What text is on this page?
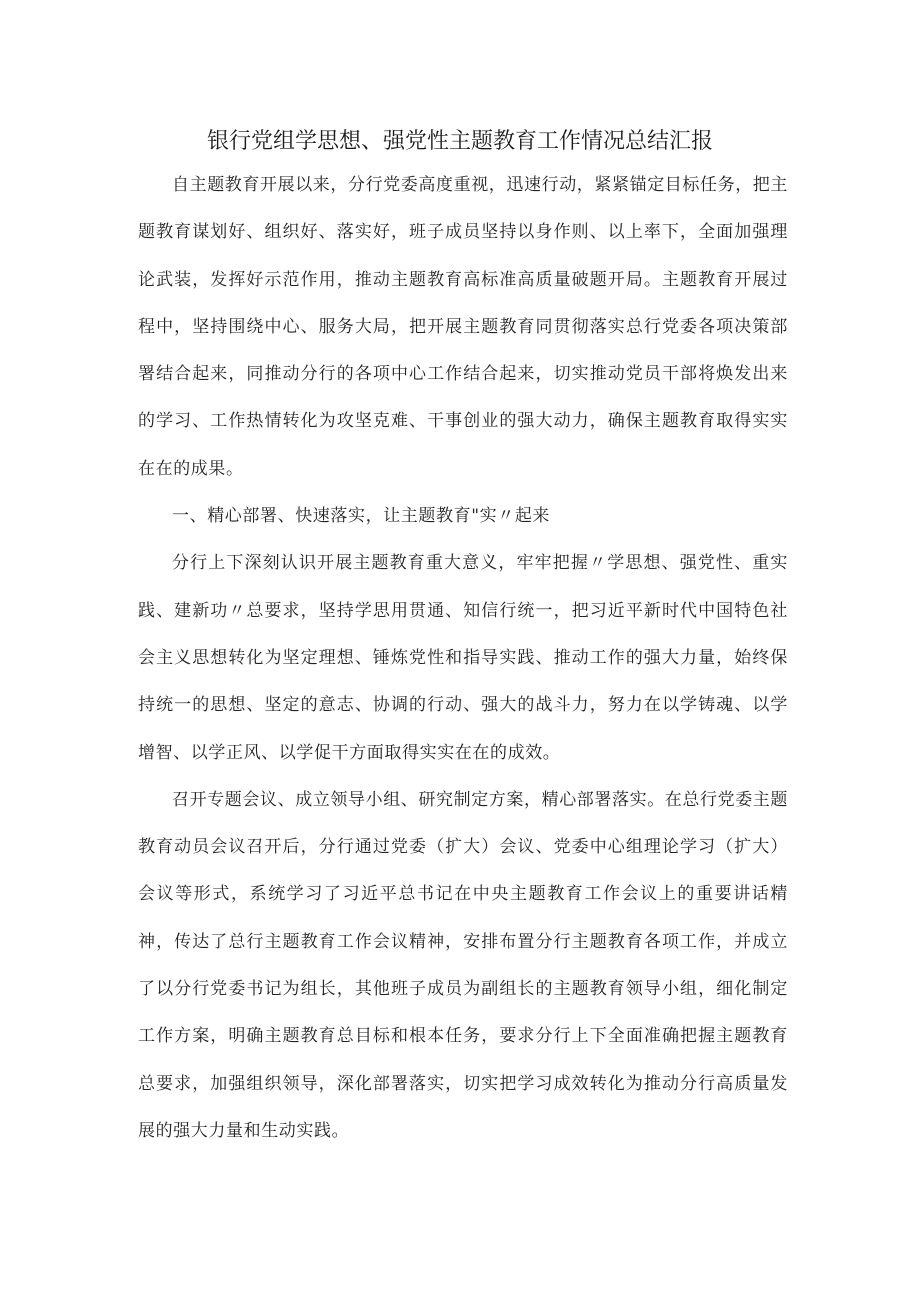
银行党组学思想、强党性主题教育工作情况总结汇报

自主题教育开展以来，分行党委高度重视，迅速行动，紧紧锚定目标任务，把主题教育谋划好、组织好、落实好，班子成员坚持以身作则、以上率下，全面加强理论武装，发挥好示范作用，推动主题教育高标准高质量破题开局。主题教育开展过程中，坚持围绕中心、服务大局，把开展主题教育同贯彻落实总行党委各项决策部署结合起来，同推动分行的各项中心工作结合起来，切实推动党员干部将焕发出来的学习、工作热情转化为攻坚克难、干事创业的强大动力，确保主题教育取得实实在在的成果。

一、精心部署、快速落实，让主题教育"实〃起来

分行上下深刻认识开展主题教育重大意义，牢牢把握〃学思想、强党性、重实践、建新功〃总要求，坚持学思用贯通、知信行统一，把习近平新时代中国特色社会主义思想转化为坚定理想、锤炼党性和指导实践、推动工作的强大力量，始终保持统一的思想、坚定的意志、协调的行动、强大的战斗力，努力在以学铸魂、以学增智、以学正风、以学促干方面取得实实在在的成效。

召开专题会议、成立领导小组、研究制定方案，精心部署落实。在总行党委主题教育动员会议召开后，分行通过党委（扩大）会议、党委中心组理论学习（扩大）会议等形式，系统学习了习近平总书记在中央主题教育工作会议上的重要讲话精神，传达了总行主题教育工作会议精神，安排布置分行主题教育各项工作，并成立了以分行党委书记为组长，其他班子成员为副组长的主题教育领导小组，细化制定工作方案，明确主题教育总目标和根本任务，要求分行上下全面准确把握主题教育总要求，加强组织领导，深化部署落实，切实把学习成效转化为推动分行高质量发展的强大力量和生动实践。
